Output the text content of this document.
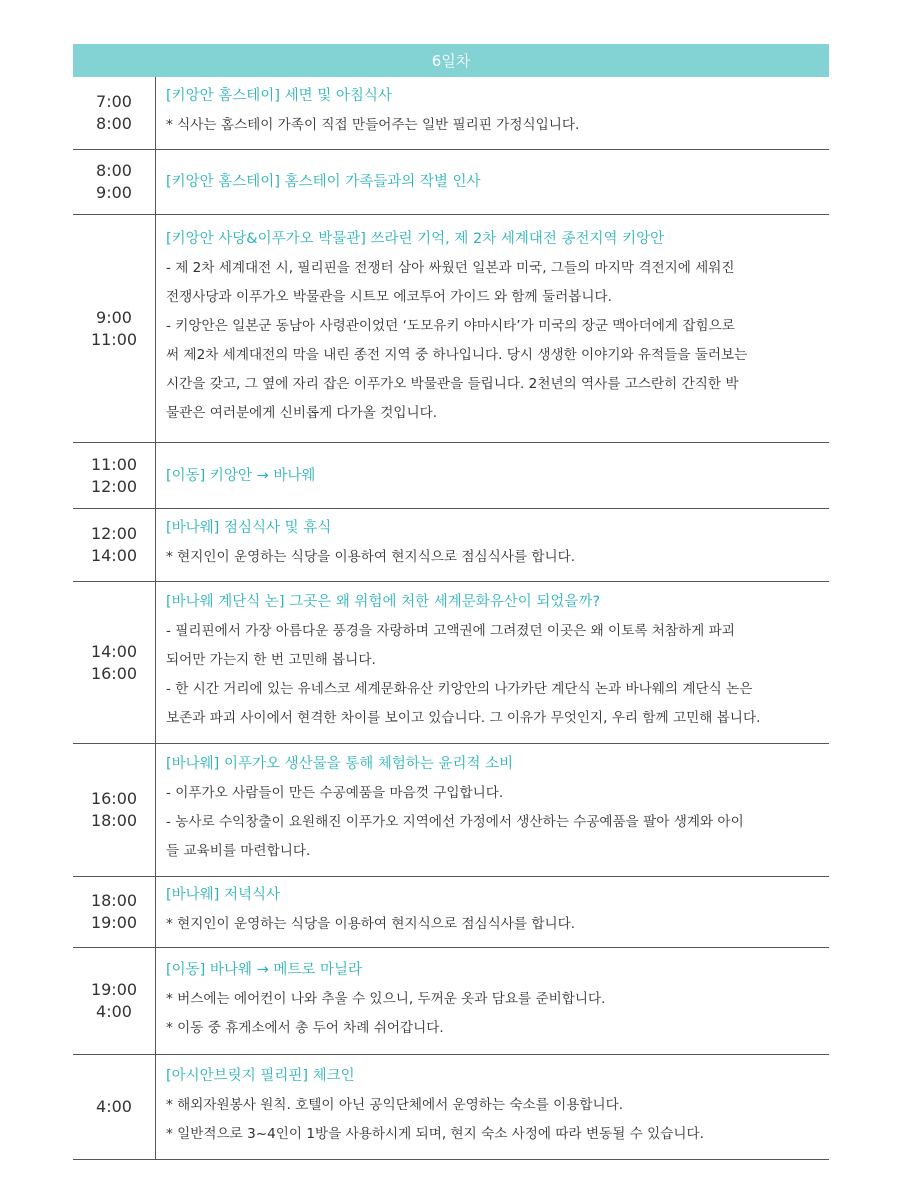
6일차
7:00
8:00
[키앙안 홈스테이] 세면 및 아침식사
* 식사는 홈스테이 가족이 직접 만들어주는 일반 필리핀 가정식입니다.
8:00
9:00
[키앙안 홈스테이] 홈스테이 가족들과의 작별 인사
9:00
11:00
[키앙안 사당&이푸가오 박물관] 쓰라린 기억, 제 2차 세계대전 종전지역 키앙안
- 제 2차 세계대전 시, 필리핀을 전쟁터 삼아 싸웠던 일본과 미국, 그들의 마지막 격전지에 세워진
전쟁사당과 이푸가오 박물관을 시트모 에코투어 가이드 와 함께 둘러봅니다.
- 키앙안은 일본군 동남아 사령관이었던 ‘도모유키 야마시타’가 미국의 장군 맥아더에게 잡힘으로
써 제2차 세계대전의 막을 내린 종전 지역 중 하나입니다. 당시 생생한 이야기와 유적들을 둘러보는
시간을 갖고, 그 옆에 자리 잡은 이푸가오 박물관을 들립니다. 2천년의 역사를 고스란히 간직한 박
물관은 여러분에게 신비롭게 다가올 것입니다.
11:00
12:00
[이동] 키앙안 → 바나웨
12:00
14:00
[바나웨] 점심식사 및 휴식
* 현지인이 운영하는 식당을 이용하여 현지식으로 점심식사를 합니다.
14:00
16:00
[바나웨 계단식 논] 그곳은 왜 위험에 처한 세계문화유산이 되었을까?
- 필리핀에서 가장 아름다운 풍경을 자랑하며 고액권에 그려졌던 이곳은 왜 이토록 처참하게 파괴
되어만 가는지 한 번 고민해 봅니다.
- 한 시간 거리에 있는 유네스코 세계문화유산 키앙안의 나가카단 계단식 논과 바나웨의 계단식 논은
보존과 파괴 사이에서 현격한 차이를 보이고 있습니다. 그 이유가 무엇인지, 우리 함께 고민해 봅니다.
16:00
18:00
[바나웨] 이푸가오 생산물을 통해 체험하는 윤리적 소비
- 이푸가오 사람들이 만든 수공예품을 마음껏 구입합니다.
- 농사로 수익창출이 요원해진 이푸가오 지역에선 가정에서 생산하는 수공예품을 팔아 생계와 아이
들 교육비를 마련합니다.
18:00
19:00
[바나웨] 저녁식사
* 현지인이 운영하는 식당을 이용하여 현지식으로 점심식사를 합니다.
19:00
4:00
[이동] 바나웨 → 메트로 마닐라
* 버스에는 에어컨이 나와 추울 수 있으니, 두꺼운 옷과 담요를 준비합니다.
* 이동 중 휴게소에서 총 두어 차례 쉬어갑니다.
4:00
[아시안브릿지 필리핀] 체크인
* 해외자원봉사 원칙. 호텔이 아닌 공익단체에서 운영하는 숙소를 이용합니다.
* 일반적으로 3~4인이 1방을 사용하시게 되며, 현지 숙소 사정에 따라 변동될 수 있습니다.
